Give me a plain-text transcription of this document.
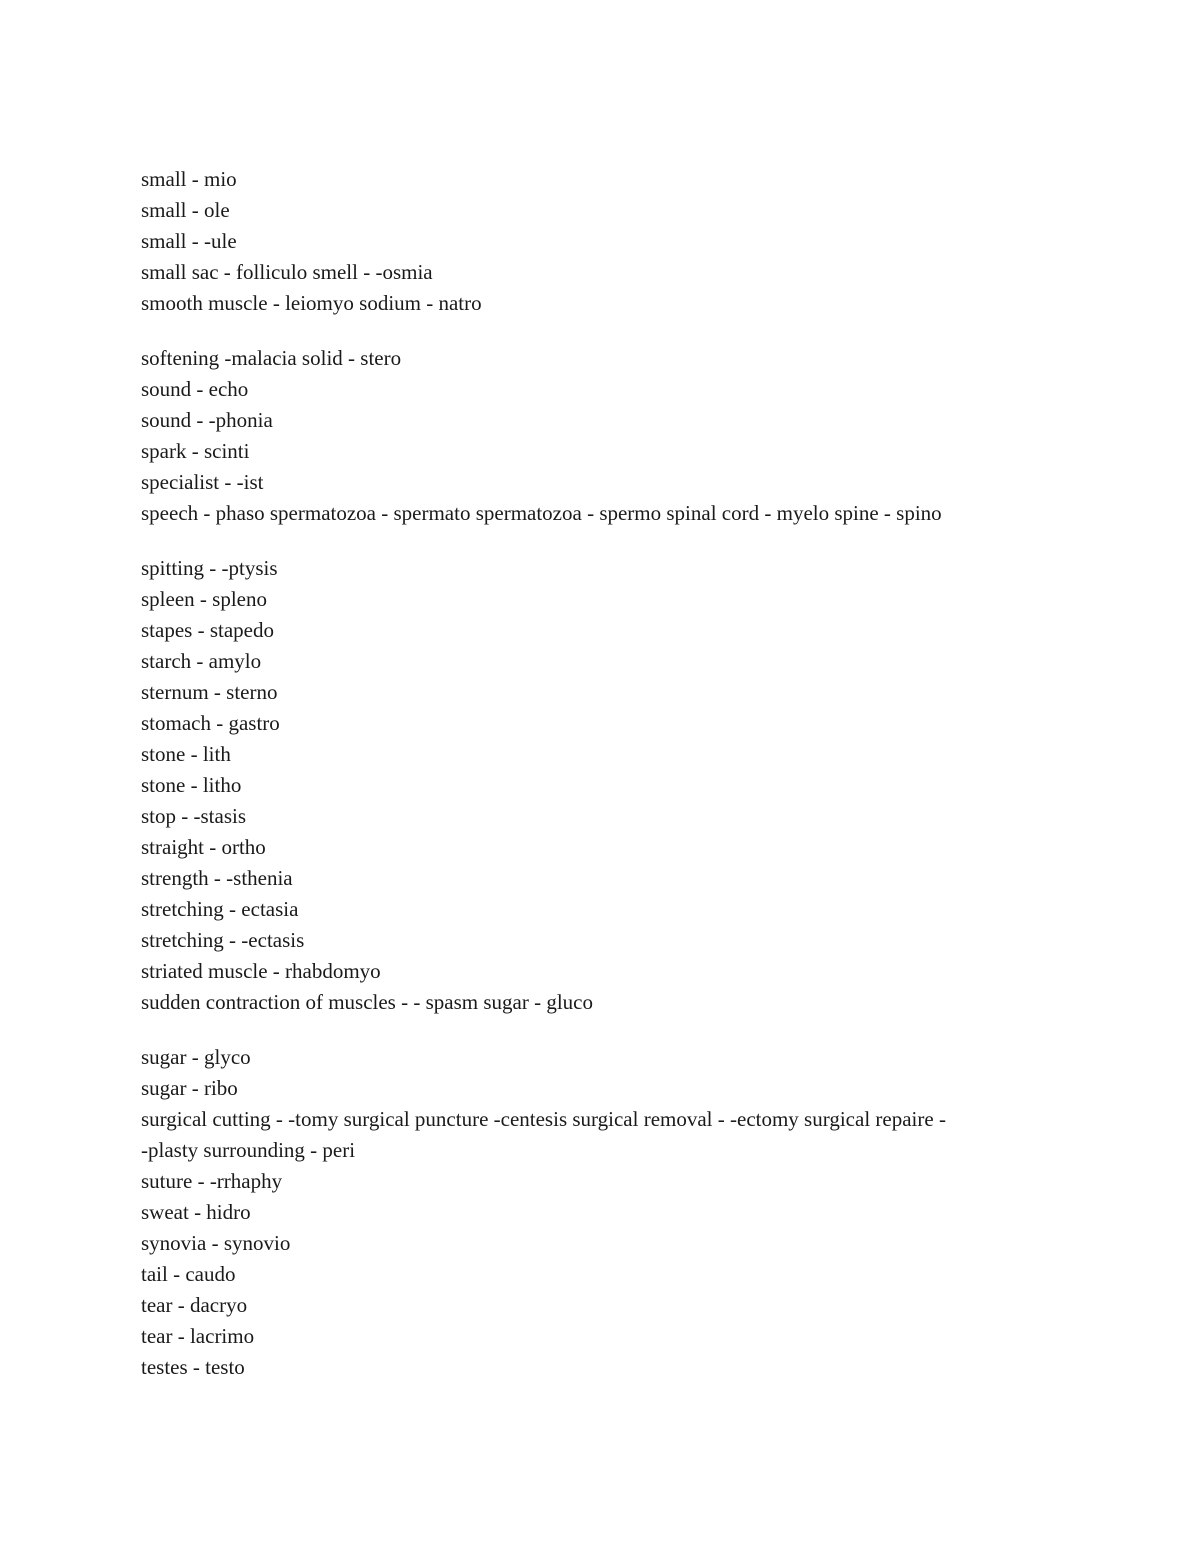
small - mio
small - ole
small - -ule
small sac - folliculo smell - -osmia
smooth muscle - leiomyo sodium - natro
softening -malacia solid - stero
sound - echo
sound - -phonia
spark - scinti
specialist - -ist
speech - phaso spermatozoa - spermato spermatozoa - spermo spinal cord - myelo spine - spino
spitting - -ptysis
spleen - spleno
stapes - stapedo
starch - amylo
sternum - sterno
stomach - gastro
stone - lith
stone - litho
stop - -stasis
straight - ortho
strength - -sthenia
stretching - ectasia
stretching - -ectasis
striated muscle - rhabdomyo
sudden contraction of muscles - - spasm sugar - gluco
sugar - glyco
sugar - ribo
surgical cutting - -tomy surgical puncture -centesis surgical removal - -ectomy surgical repaire -
-plasty surrounding - peri
suture - -rrhaphy
sweat - hidro
synovia - synovio
tail - caudo
tear - dacryo
tear - lacrimo
testes - testo
